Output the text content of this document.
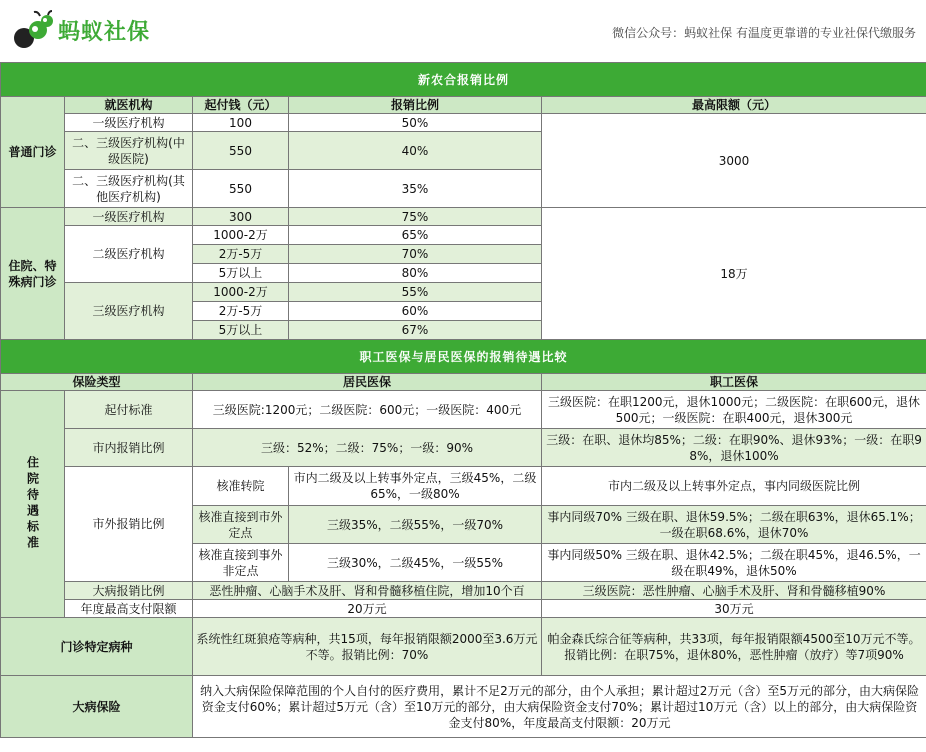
蚂蚁社保	微信公众号：蚂蚁社保 有温度更靠谱的专业社保代缴服务
新农合报销比例				
普通门诊	就医机构	起付钱（元）	报销比例	最高限额（元）
	一级医疗机构	100	50%	3000
	二、三级医疗机构(中级医院)	550	40%	
	二、三级医疗机构(其他医疗机构)	550	35%	
住院、特殊病门诊	一级医疗机构	300	75%	18万
	二级医疗机构	1000-2万	65%	
		2万-5万	70%	
		5万以上	80%	
	三级医疗机构	1000-2万	55%	
		2万-5万	60%	
		5万以上	67%	
职工医保与居民医保的报销待遇比较				
保险类型		居民医保		职工医保
住院待遇标准	起付标准	三级医院:1200元；二级医院：600元；一级医院：400元		三级医院：在职1200元，退休1000元；二级医院：在职600元，退休500元；一级医院：在职400元，退休300元
	市内报销比例	三级：52%；二级：75%；一级：90%		三级：在职、退休均85%；二级：在职90%、退休93%；一级：在职98%，退休100%
	市外报销比例	核准转院	市内二级及以上转事外定点，三级45%，二级65%，一级80%	市内二级及以上转事外定点，事内同级医院比例
		核准直接到市外定点	三级35%，二级55%，一级70%	事内同级70% 三级在职、退休59.5%；二级在职63%，退休65.1%；一级在职68.6%，退休70%
		核准直接到事外非定点	三级30%，二级45%，一级55%	事内同级50% 三级在职、退休42.5%；二级在职45%，退46.5%，一级在职49%，退休50%
	大病报销比例	恶性肿瘤、心脑手术及肝、肾和骨髓移植住院，增加10个百		三级医院：恶性肿瘤、心脑手术及肝、肾和骨髓移植90%
	年度最高支付限额	20万元		30万元
门诊特定病种		系统性红斑狼疮等病种，共15项，每年报销限额2000至3.6万元不等。报销比例：70%		帕金森氏综合征等病种，共33项，每年报销限额4500至10万元不等。报销比例：在职75%，退休80%，恶性肿瘤（放疗）等7项90%
大病保险		纳入大病保险保障范围的个人自付的医疗费用，累计不足2万元的部分，由个人承担；累计超过2万元（含）至5万元的部分，由大病保险资金支付60%；累计超过5万元（含）至10万元的部分，由大病保险资金支付70%；累计超过10万元（含）以上的部分，由大病保险资金支付80%，年度最高支付限额：20万元		
